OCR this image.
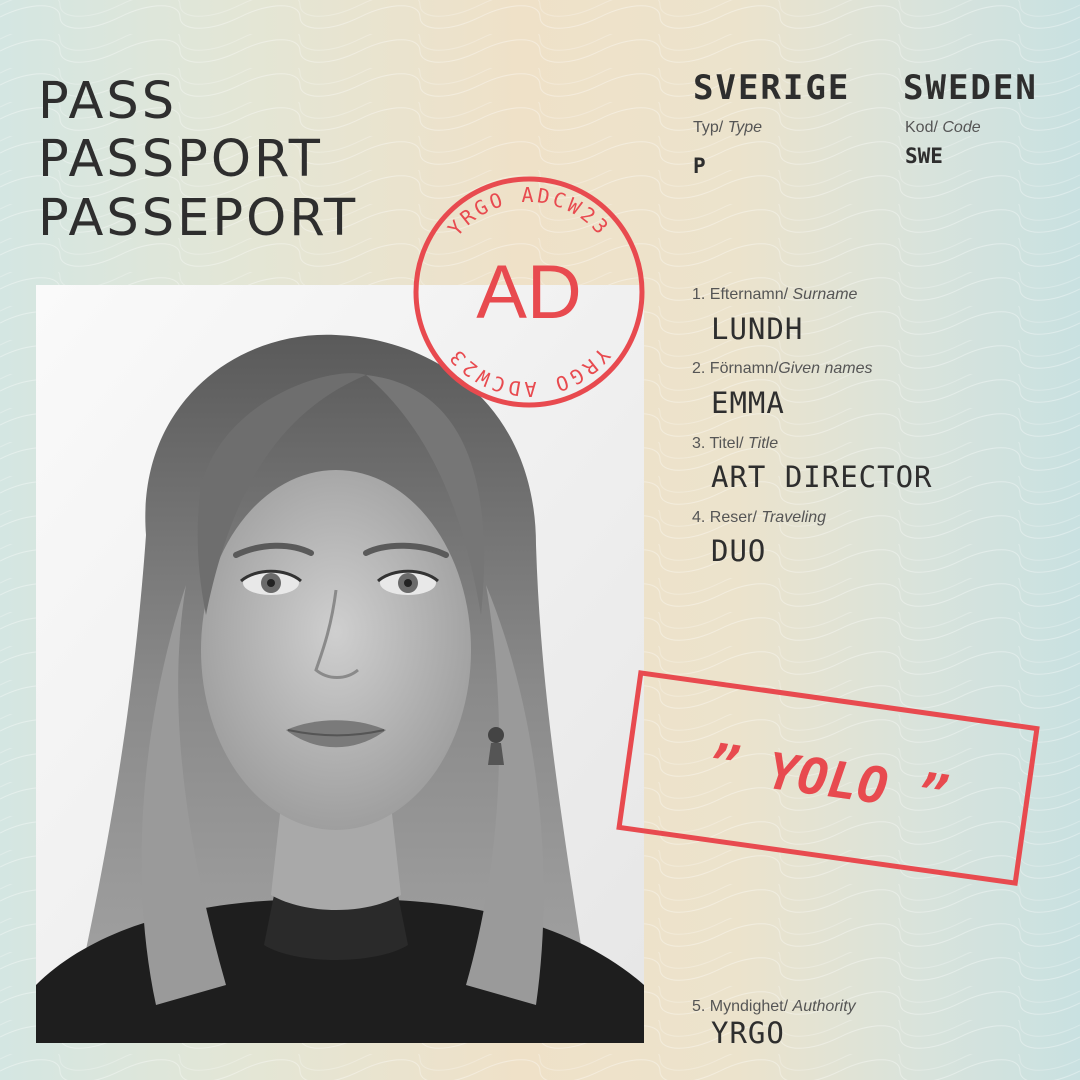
PASS
PASSPORT
PASSEPORT
SVERIGE SWEDEN
Typ/ Type
P
Kod/ Code
SWE
1. Efternamn/ Surname
LUNDH
2. Förnamn/Given names
EMMA
3. Titel/ Title
ART DIRECTOR
4. Reser/ Traveling
DUO
5. Myndighet/ Authority
YRGO
YRGO ADCW23
YRGO ADCW23
AD
” YOLO ”
